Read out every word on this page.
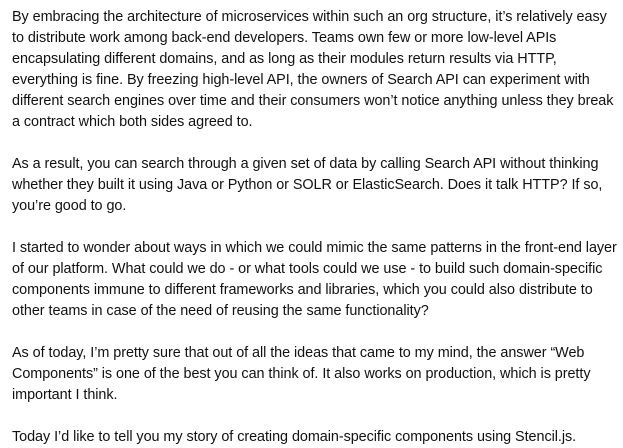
By embracing the architecture of microservices within such an org structure, it’s relatively easy to distribute work among back-end developers. Teams own few or more low-level APIs encapsulating different domains, and as long as their modules return results via HTTP, everything is fine. By freezing high-level API, the owners of Search API can experiment with different search engines over time and their consumers won’t notice anything unless they break a contract which both sides agreed to.

As a result, you can search through a given set of data by calling Search API without thinking whether they built it using Java or Python or SOLR or ElasticSearch. Does it talk HTTP? If so, you’re good to go.

I started to wonder about ways in which we could mimic the same patterns in the front-end layer of our platform. What could we do - or what tools could we use - to build such domain-specific components immune to different frameworks and libraries, which you could also distribute to other teams in case of the need of reusing the same functionality?

As of today, I’m pretty sure that out of all the ideas that came to my mind, the answer “Web Components” is one of the best you can think of. It also works on production, which is pretty important I think.

Today I’d like to tell you my story of creating domain-specific components using Stencil.js.
